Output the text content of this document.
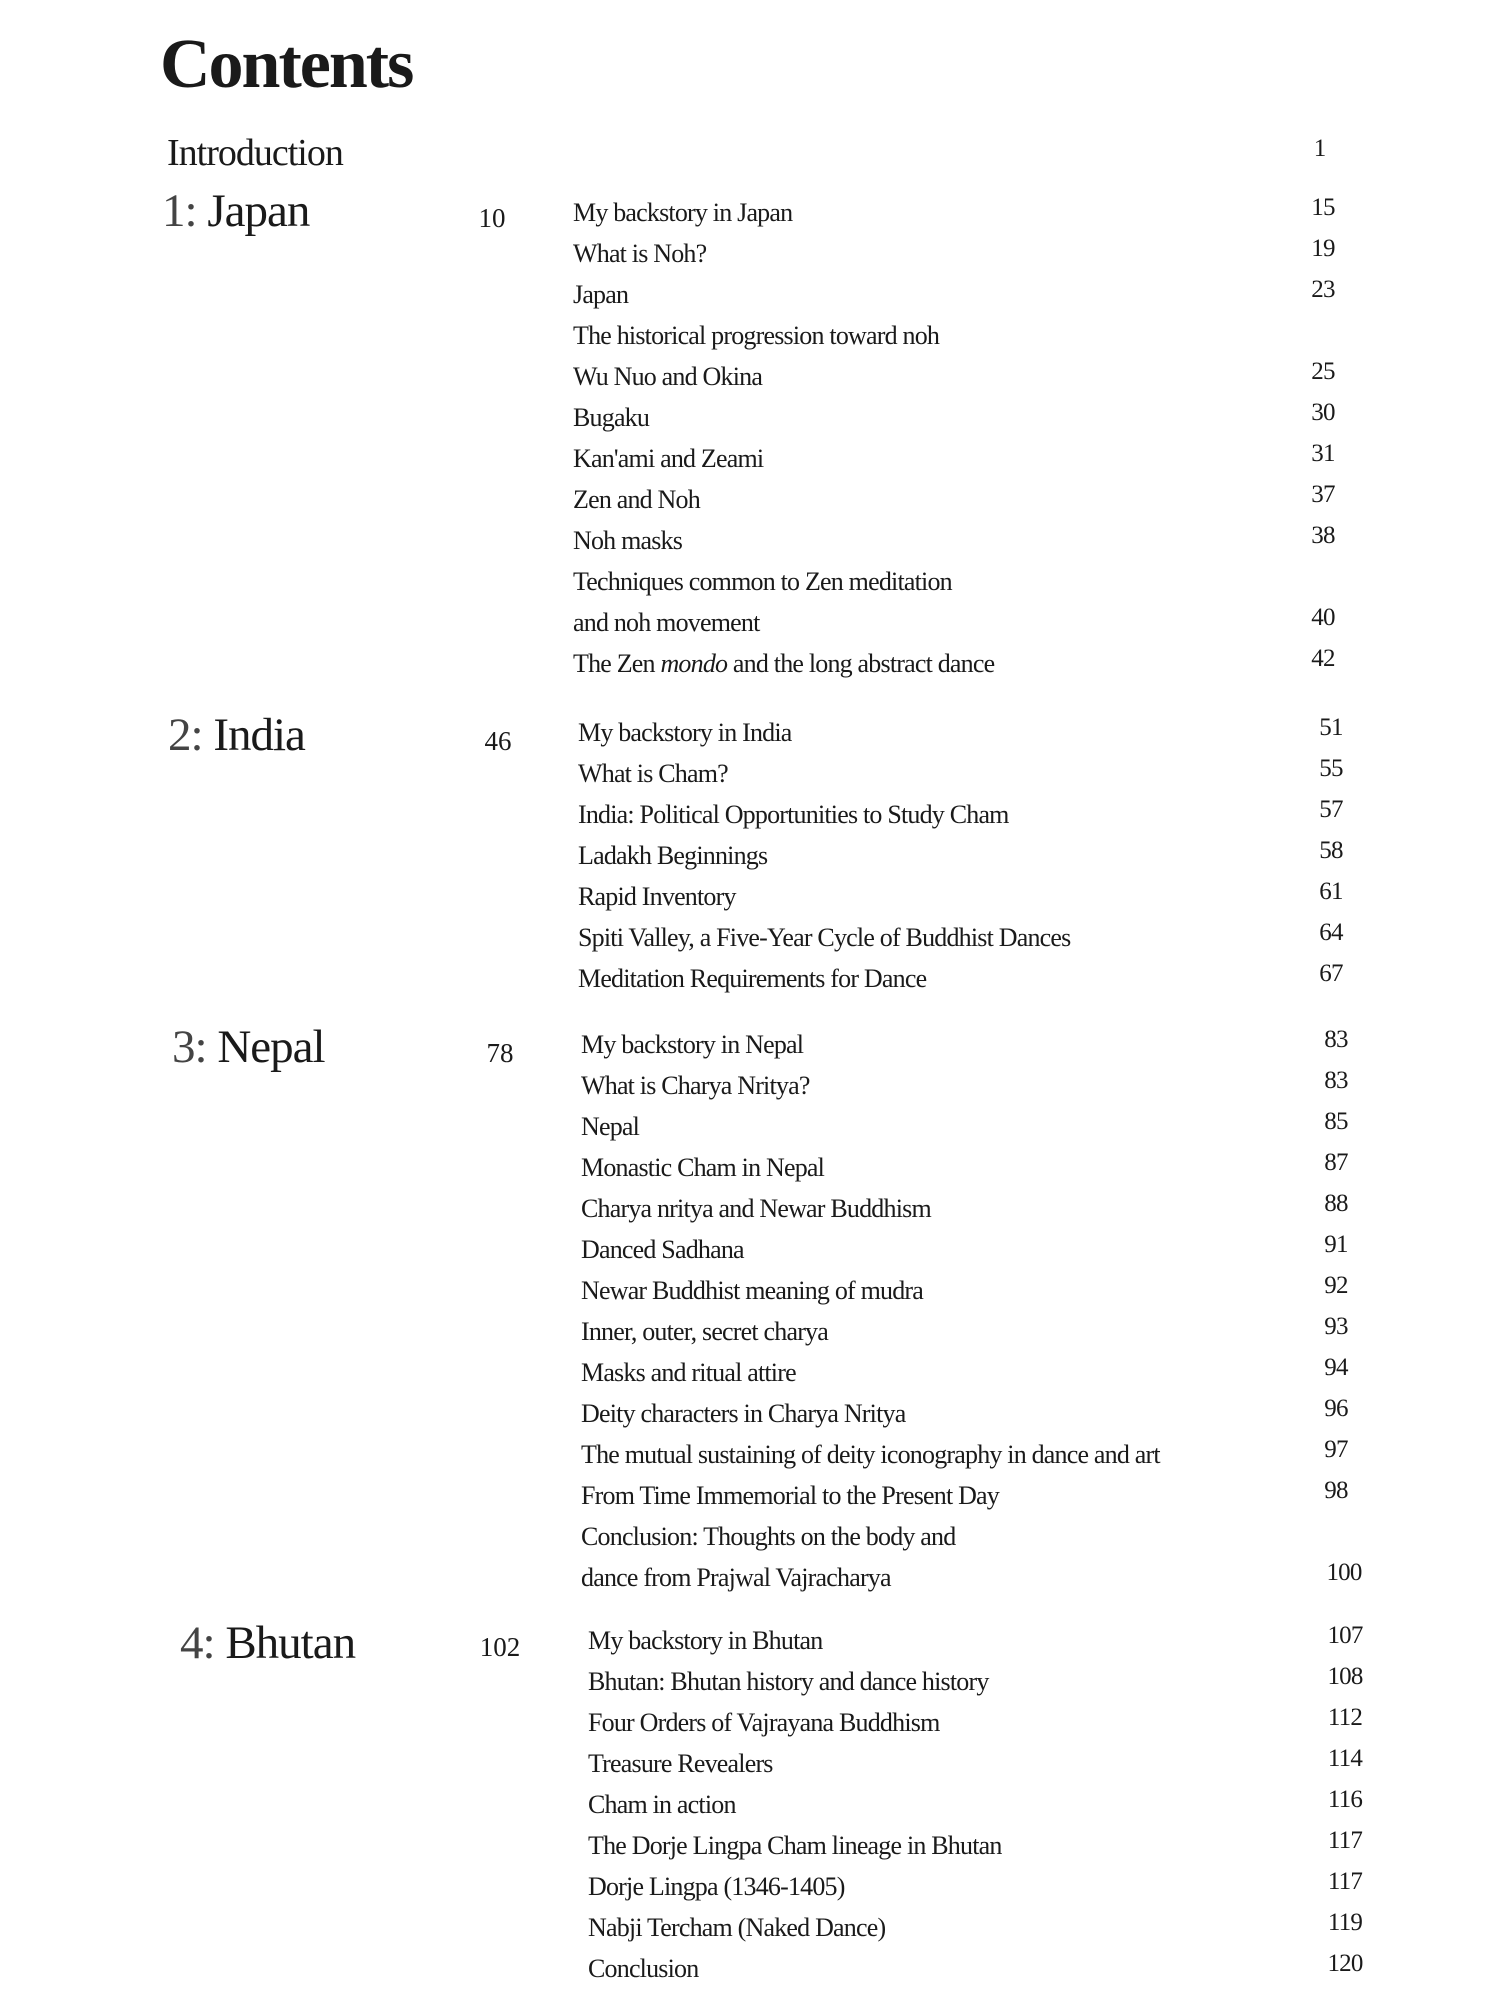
Contents
Introduction	1
1: Japan	10	My backstory in Japan	15
What is Noh?	19
Japan	23
The historical progression toward noh
Wu Nuo and Okina	25
Bugaku	30
Kan'ami and Zeami	31
Zen and Noh	37
Noh masks	38
Techniques common to Zen meditation
and noh movement	40
The Zen mondo and the long abstract dance	42
2: India	46	My backstory in India	51
What is Cham?	55
India: Political Opportunities to Study Cham	57
Ladakh Beginnings	58
Rapid Inventory	61
Spiti Valley, a Five-Year Cycle of Buddhist Dances	64
Meditation Requirements for Dance	67
3: Nepal	78	My backstory in Nepal	83
What is Charya Nritya?	83
Nepal	85
Monastic Cham in Nepal	87
Charya nritya and Newar Buddhism	88
Danced Sadhana	91
Newar Buddhist meaning of mudra	92
Inner, outer, secret charya	93
Masks and ritual attire	94
Deity characters in Charya Nritya	96
The mutual sustaining of deity iconography in dance and art	97
From Time Immemorial to the Present Day	98
Conclusion: Thoughts on the body and
dance from Prajwal Vajracharya	100
4: Bhutan	102	My backstory in Bhutan	107
Bhutan: Bhutan history and dance history	108
Four Orders of Vajrayana Buddhism	112
Treasure Revealers	114
Cham in action	116
The Dorje Lingpa Cham lineage in Bhutan	117
Dorje Lingpa (1346-1405)	117
Nabji Tercham (Naked Dance)	119
Conclusion	120
